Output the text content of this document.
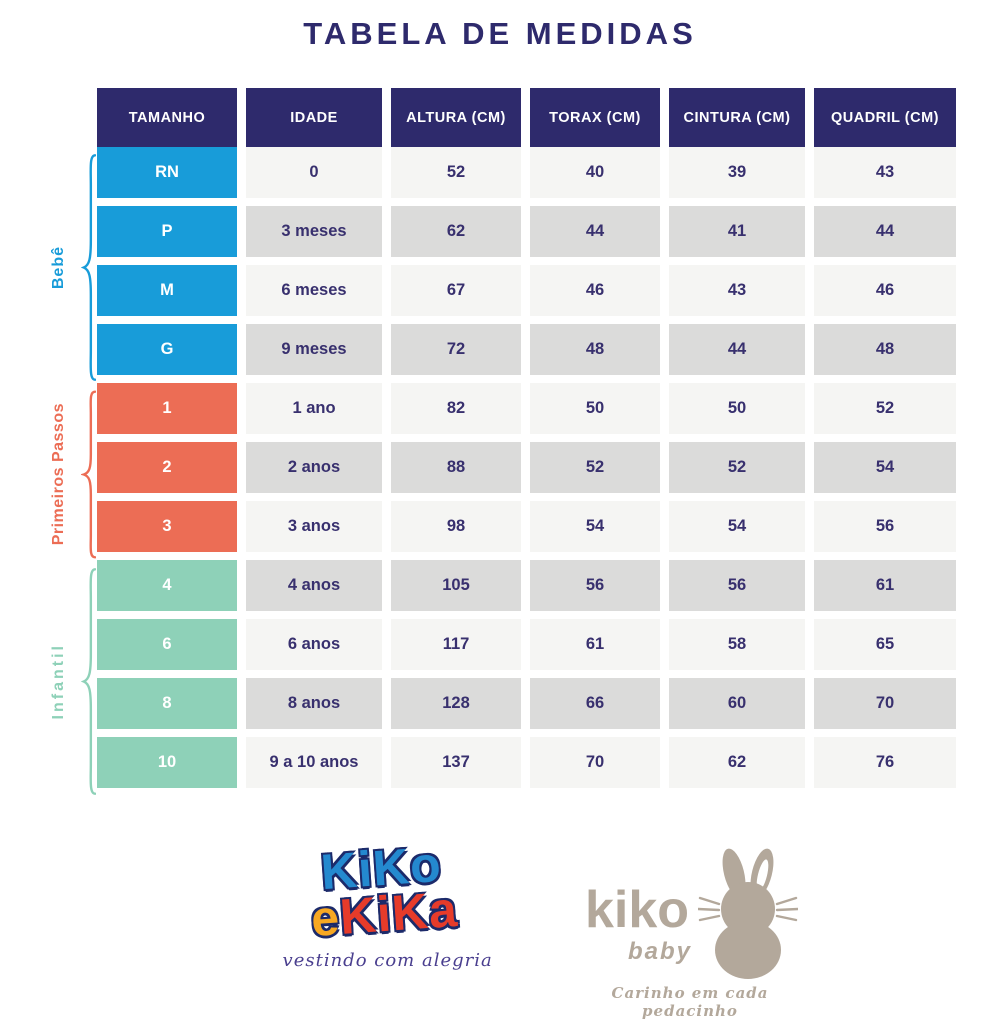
TABELA DE MEDIDAS
TAMANHO	IDADE	ALTURA (CM)	TORAX (CM)	CINTURA (CM)	QUADRIL (CM)
RN	0	52	40	39	43
P	3 meses	62	44	41	44
M	6 meses	67	46	43	46
G	9 meses	72	48	44	48
1	1 ano	82	50	50	52
2	2 anos	88	52	52	54
3	3 anos	98	54	54	56
4	4 anos	105	56	56	61
6	6 anos	117	61	58	65
8	8 anos	128	66	60	70
10	9 a 10 anos	137	70	62	76
Bebê
Primeiros Passos
Infantil
KiKo
eKiKa
vestindo com alegria
kiko
baby
Carinho em cada pedacinho
